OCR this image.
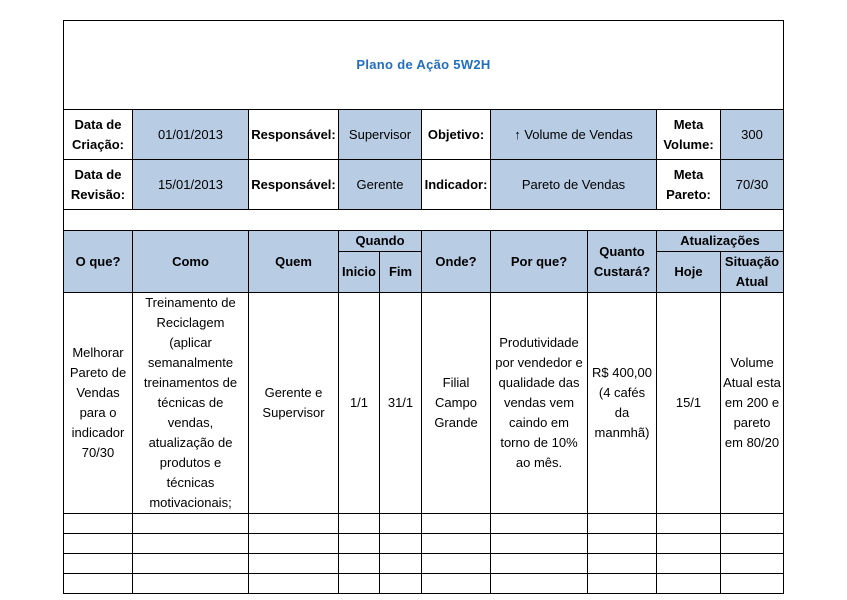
Plano de Ação 5W2H									
Data de Criação:	01/01/2013	Responsável:	Supervisor		Objetivo:	↑ Volume de Vendas		Meta Volume:	300
Data de Revisão:	15/01/2013	Responsável:	Gerente		Indicador:	Pareto de Vendas		Meta Pareto:	70/30

O que?	Como	Quem	Quando		Onde?	Por que?	Quanto Custará?	Atualizações	
			Inicio	Fim				Hoje	Situação Atual
Melhorar Pareto de Vendas para o indicador 70/30	Treinamento de Reciclagem (aplicar semanalmente treinamentos de técnicas de vendas, atualização de produtos e técnicas motivacionais;	Gerente e Supervisor	1/1	31/1	Filial Campo Grande	Produtividade por vendedor e qualidade das vendas vem caindo em torno de 10% ao mês.	R$ 400,00 (4 cafés da manmhã)	15/1	Volume Atual esta em 200 e pareto em 80/20
